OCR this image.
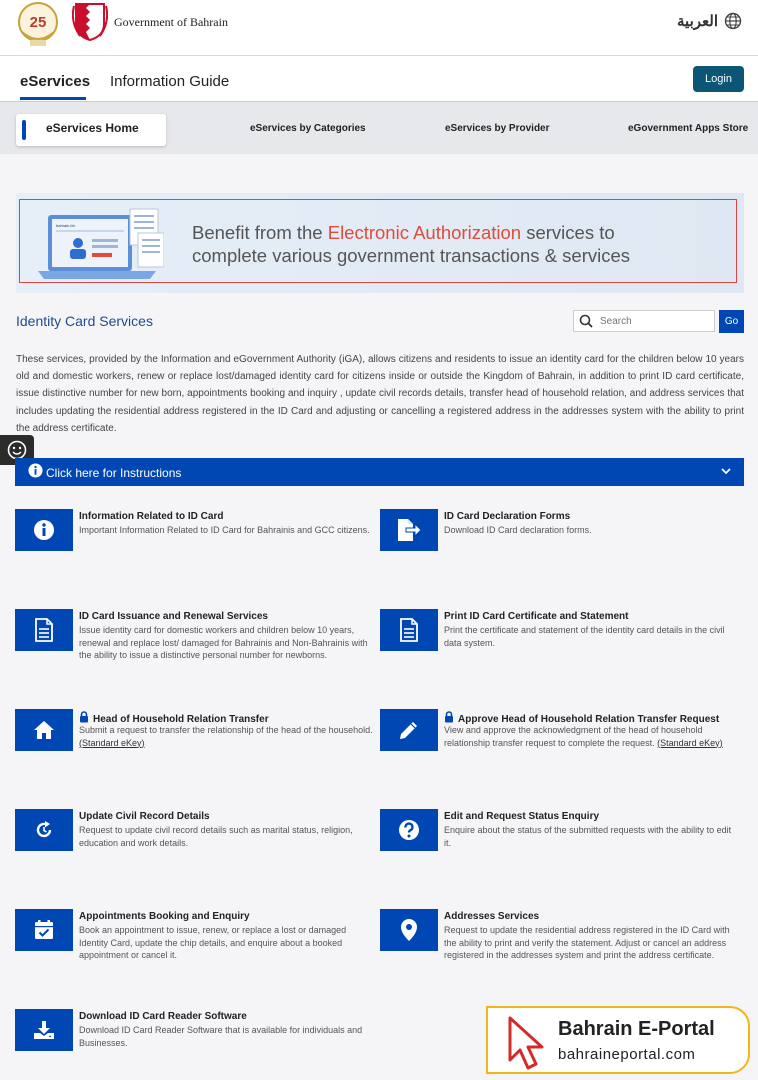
25	Government of Bahrain	العربية
eServices Information Guide	Login
eServices Home	eServices by Categories	eServices by Provider	eGovernment Apps Store
bahrain.bh	Benefit from the Electronic Authorization services to
complete various government transactions & services
Identity Card Services
Search	Go
These services, provided by the Information and eGovernment Authority (iGA), allows citizens and residents to issue an identity card for the children below 10 years old and domestic workers, renew or replace lost/damaged identity card for citizens inside or outside the Kingdom of Bahrain, in addition to print ID card certificate, issue distinctive number for new born, appointments booking and inquiry , update civil records details, transfer head of household relation, and address services that includes updating the residential address registered in the ID Card and adjusting or cancelling a registered address in the addresses system with the ability to print the address certificate.
Click here for Instructions
Information Related to ID Card
Important Information Related to ID Card for Bahrainis and GCC citizens.
ID Card Declaration Forms
Download ID Card declaration forms.
ID Card Issuance and Renewal Services
Issue identity card for domestic workers and children below 10 years, renewal and replace lost/ damaged for Bahrainis and Non-Bahrainis with the ability to issue a distinctive personal number for newborns.
Print ID Card Certificate and Statement
Print the certificate and statement of the identity card details in the civil data system.
Head of Household Relation Transfer
Submit a request to transfer the relationship of the head of the household. (Standard eKey)
Approve Head of Household Relation Transfer Request
View and approve the acknowledgment of the head of household relationship transfer request to complete the request. (Standard eKey)
Update Civil Record Details
Request to update civil record details such as marital status, religion, education and work details.
Edit and Request Status Enquiry
Enquire about the status of the submitted requests with the ability to edit it.
Appointments Booking and Enquiry
Book an appointment to issue, renew, or replace a lost or damaged Identity Card, update the chip details, and enquire about a booked appointment or cancel it.
Addresses Services
Request to update the residential address registered in the ID Card with the ability to print and verify the statement. Adjust or cancel an address registered in the addresses system and print the address certificate.
Download ID Card Reader Software
Download ID Card Reader Software that is available for individuals and Businesses.
Bahrain E-Portal
bahraineportal.com
